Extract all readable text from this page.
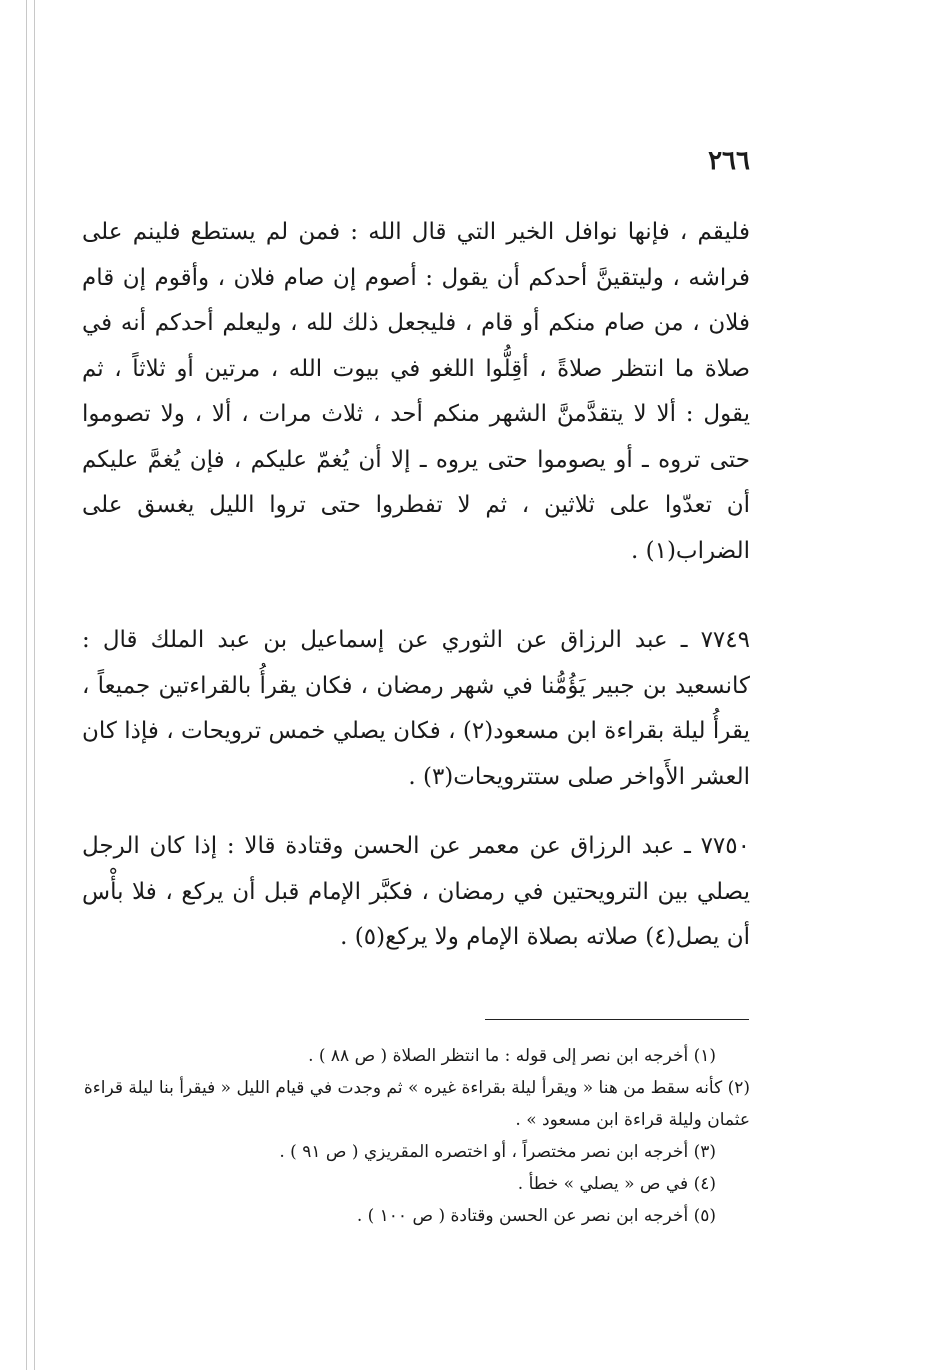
٢٦٦

فليقم ، فإنها نوافل الخير التي قال الله : فمن لم يستطع فلينم على فراشه ، وليتقينَّ أحدكم أن يقول : أصوم إن صام فلان ، وأقوم إن قام فلان ، من صام منكم أو قام ، فليجعل ذلك لله ، وليعلم أحدكم أنه في صلاة ما انتظر صلاةً ، أقِلُّوا اللغو في بيوت الله ، مرتين أو ثلاثاً ، ثم يقول : ألا لا يتقدَّمنَّ الشهر منكم أحد ، ثلاث مرات ، ألا ، ولا تصوموا حتى تروه ـ أو يصوموا حتى يروه ـ إلا أن يُغمّ عليكم ، فإن يُغمَّ عليكم أن تعدّوا على ثلاثين ، ثم لا تفطروا حتى تروا الليل يغسق على الضراب(١) .

٧٧٤٩ ـ عبد الرزاق عن الثوري عن إسماعيل بن عبد الملك قال : كانسعيد بن جبير يَؤُمُّنا في شهر رمضان ، فكان يقرأُ بالقراءتين جميعاً ، يقرأُ ليلة بقراءة ابن مسعود(٢) ، فكان يصلي خمس ترويحات ، فإذا كان العشر الأَواخر صلى ستترويحات(٣) .

٧٧٥٠ ـ عبد الرزاق عن معمر عن الحسن وقتادة قالا : إذا كان الرجل يصلي بين الترويحتين في رمضان ، فكبَّر الإمام قبل أن يركع ، فلا بأْس أن يصل(٤) صلاته بصلاة الإمام ولا يركع(٥) .

(١) أخرجه ابن نصر إلى قوله : ما انتظر الصلاة ( ص ٨٨ ) .

(٢) كأنه سقط من هنا « ويقرأ ليلة بقراءة غيره » ثم وجدت في قيام الليل « فيقرأ بنا ليلة قراءة عثمان وليلة قراءة ابن مسعود » .

(٣) أخرجه ابن نصر مختصراً ، أو اختصره المقريزي ( ص ٩١ ) .

(٤) في ص « يصلي » خطأ .

(٥) أخرجه ابن نصر عن الحسن وقتادة ( ص ١٠٠ ) .
